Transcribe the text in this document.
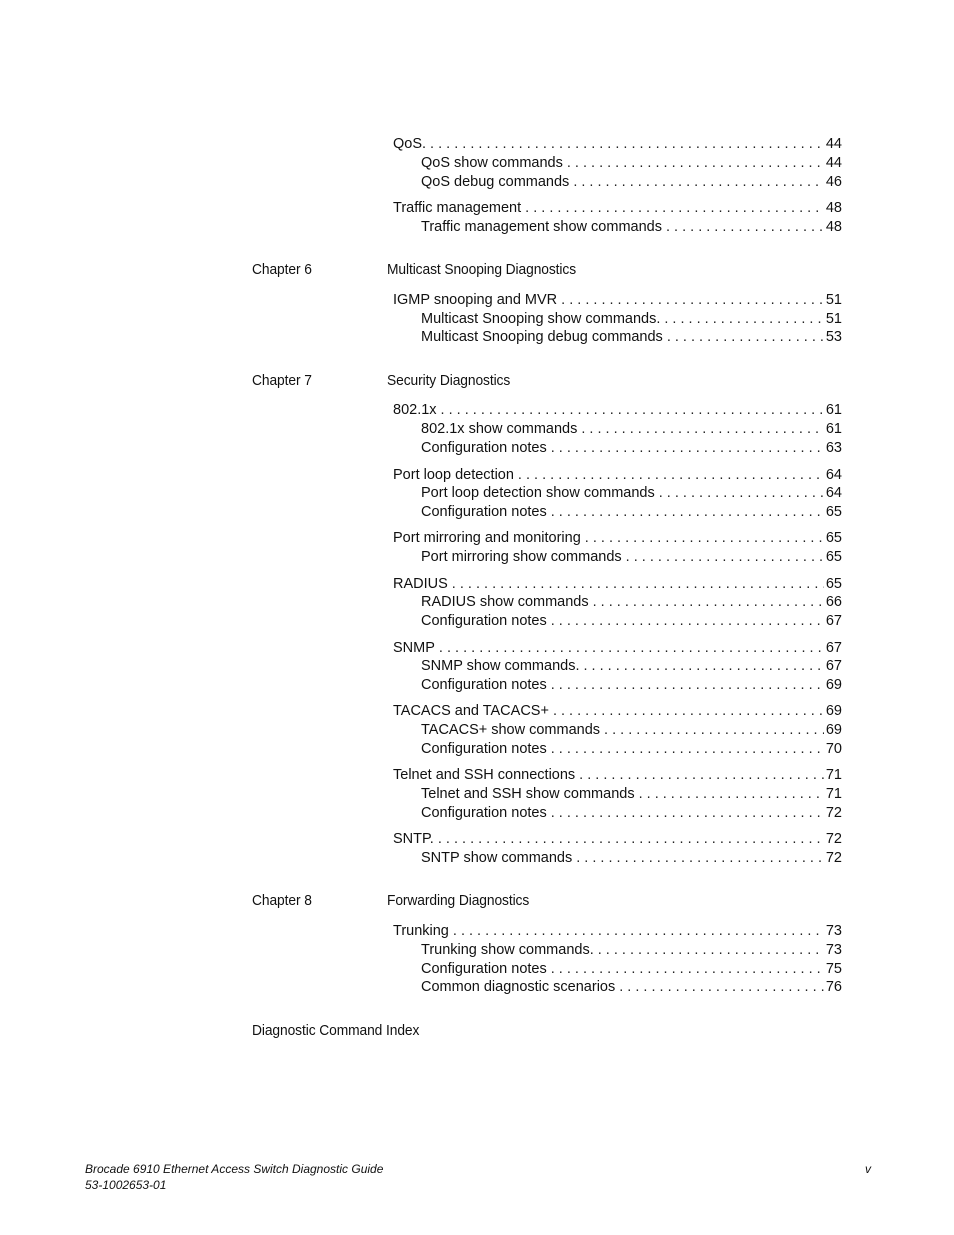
QoS. . . .	44
QoS show commands . . .	44
QoS debug commands . . .	46
Traffic management . . .	48
Traffic management show commands . . .	48
Chapter 6	Multicast Snooping Diagnostics
IGMP snooping and MVR . . .	51
Multicast Snooping show commands. . . .	51
Multicast Snooping debug commands . . .	53
Chapter 7	Security Diagnostics
802.1x . . .	61
802.1x show commands . . .	61
Configuration notes . . .	63
Port loop detection . . .	64
Port loop detection show commands . . .	64
Configuration notes . . .	65
Port mirroring and monitoring . . .	65
Port mirroring show commands . . .	65
RADIUS . . .	65
RADIUS show commands . . .	66
Configuration notes . . .	67
SNMP . . .	67
SNMP show commands. . . .	67
Configuration notes . . .	69
TACACS and TACACS+ . . .	69
TACACS+ show commands . . .	69
Configuration notes . . .	70
Telnet and SSH connections . . .	71
Telnet and SSH show commands . . .	71
Configuration notes . . .	72
SNTP. . . .	72
SNTP show commands . . .	72
Chapter 8	Forwarding Diagnostics
Trunking . . .	73
Trunking show commands. . . .	73
Configuration notes . . .	75
Common diagnostic scenarios . . .	76
Diagnostic Command Index
Brocade 6910 Ethernet Access Switch Diagnostic Guide	v
53-1002653-01
